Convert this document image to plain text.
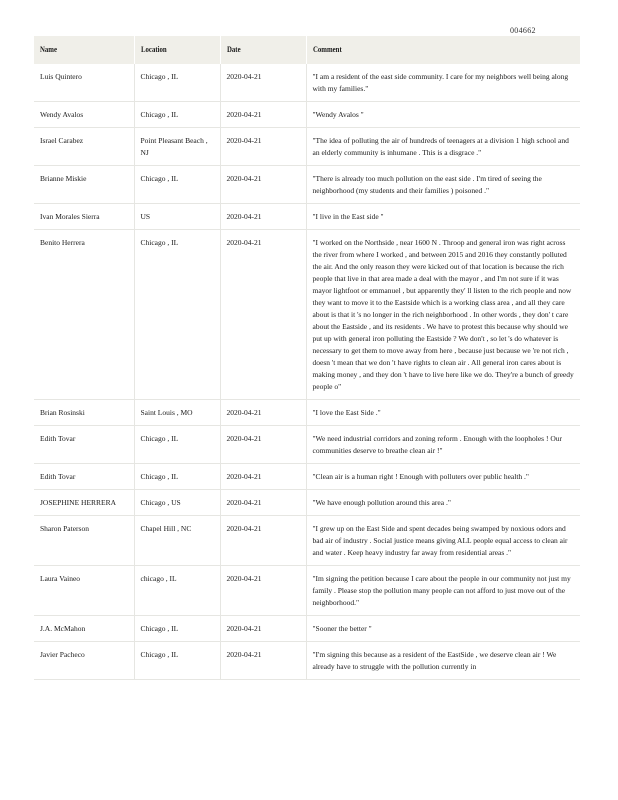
004662
Name	Location	Date	Comment
Luis Quintero	Chicago , IL	2020-04-21	"I am a resident of the east side community. I care for my neighbors well being along with my families."
Wendy Avalos	Chicago , IL	2020-04-21	"Wendy Avalos "
Israel Carabez	Point Pleasant Beach , NJ	2020-04-21	"The idea of polluting the air of hundreds of teenagers at a division 1 high school and an elderly community is inhumane . This is a disgrace ."
Brianne Miskie	Chicago , IL	2020-04-21	"There is already too much pollution on the east side . I'm tired of seeing the neighborhood (my students and their families ) poisoned ."
Ivan Morales Sierra	US	2020-04-21	"I live in the East side "
Benito Herrera	Chicago , IL	2020-04-21	"I worked on the Northside , near 1600 N . Throop and general iron was right across the river from where I worked , and between 2015 and 2016 they constantly polluted the air. And the only reason they were kicked out of that location is because the rich people that live in that area made a deal with the mayor , and I'm not sure if it was mayor lightfoot or emmanuel , but apparently they' ll listen to the rich people and now they want to move it to the Eastside which is a working class area , and all they care about is that it 's no longer in the rich neighborhood . In other words , they don' t care about the Eastside , and its residents . We have to protest this because why should we put up with general iron polluting the Eastside ? We don't , so let 's do whatever is necessary to get them to move away from here , because just because we 're not rich , doesn 't mean that we don 't have rights to clean air . All general iron cares about is making money , and they don 't have to live here like we do. They're a bunch of greedy people o"
Brian Rosinski	Saint Louis , MO	2020-04-21	"I love the East Side ."
Edith Tovar	Chicago , IL	2020-04-21	"We need industrial corridors and zoning reform . Enough with the loopholes ! Our communities deserve to breathe clean air !"
Edith Tovar	Chicago , IL	2020-04-21	"Clean air is a human right ! Enough with polluters over public health ."
JOSEPHINE HERRERA	Chicago , US	2020-04-21	"We have enough pollution around this area ."
Sharon Paterson	Chapel Hill , NC	2020-04-21	"I grew up on the East Side and spent decades being swamped by noxious odors and bad air of industry . Social justice means giving ALL people equal access to clean air and water . Keep heavy industry far away from residential areas ."
Laura Vaineo	chicago , IL	2020-04-21	"Im signing the petition because I care about the people in our community not just my family . Please stop the pollution many people can not afford to just move out of the neighborhood."
J.A. McMahon	Chicago , IL	2020-04-21	"Sooner the better "
Javier Pacheco	Chicago , IL	2020-04-21	"I'm signing this because as a resident of the EastSide , we deserve clean air ! We already have to struggle with the pollution currently in
